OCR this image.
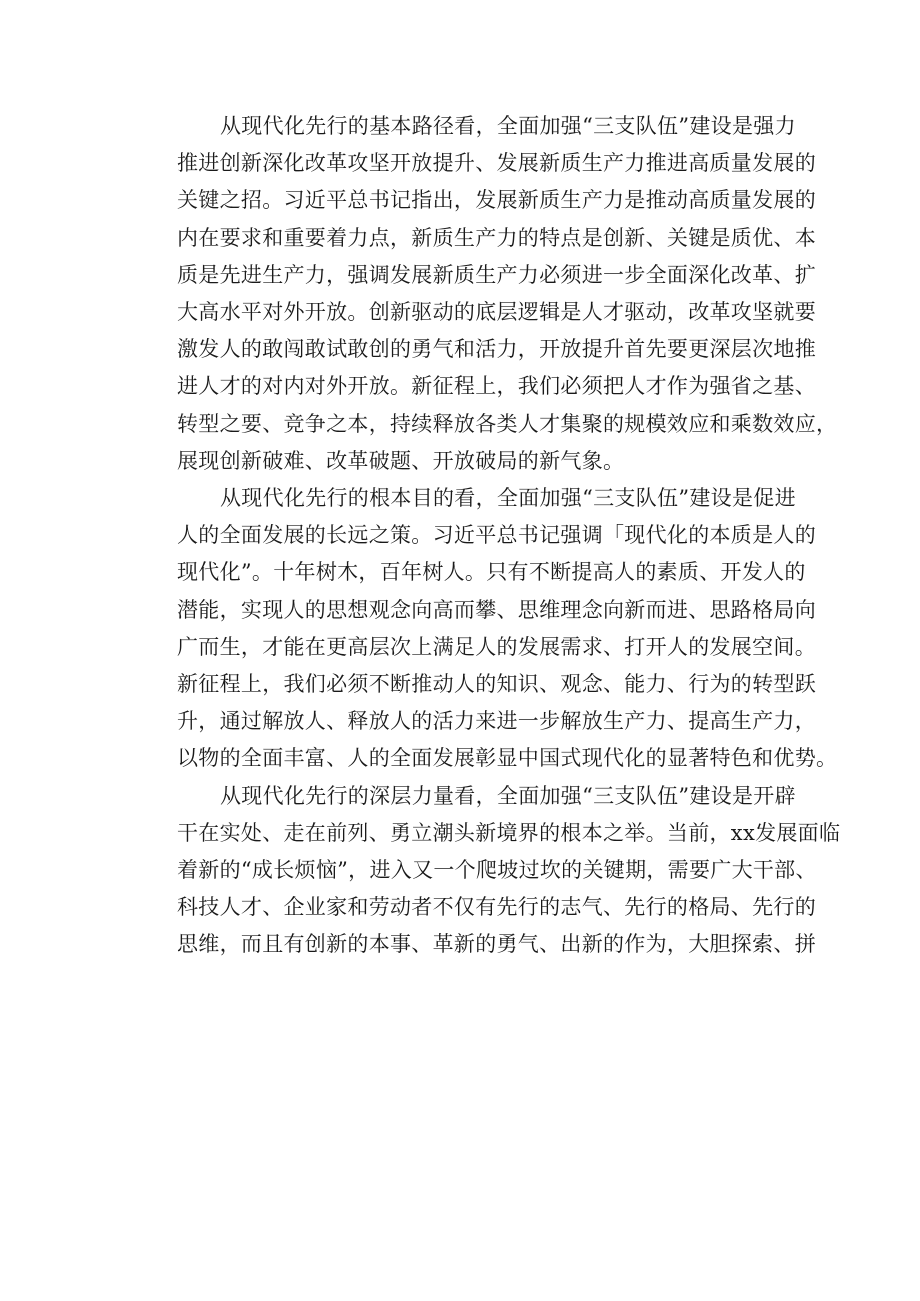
从现代化先行的基本路径看，全面加强“三支队伍”建设是强力
推进创新深化改革攻坚开放提升、发展新质生产力推进高质量发展的
关键之招。习近平总书记指出，发展新质生产力是推动高质量发展的
内在要求和重要着力点，新质生产力的特点是创新、关键是质优、本
质是先进生产力，强调发展新质生产力必须进一步全面深化改革、扩
大高水平对外开放。创新驱动的底层逻辑是人才驱动，改革攻坚就要
激发人的敢闯敢试敢创的勇气和活力，开放提升首先要更深层次地推
进人才的对内对外开放。新征程上，我们必须把人才作为强省之基、
转型之要、竞争之本，持续释放各类人才集聚的规模效应和乘数效应，
展现创新破难、改革破题、开放破局的新气象。
从现代化先行的根本目的看，全面加强“三支队伍”建设是促进
人的全面发展的长远之策。习近平总书记强调「现代化的本质是人的
现代化”。十年树木，百年树人。只有不断提高人的素质、开发人的
潜能，实现人的思想观念向高而攀、思维理念向新而进、思路格局向
广而生，才能在更高层次上满足人的发展需求、打开人的发展空间。
新征程上，我们必须不断推动人的知识、观念、能力、行为的转型跃
升，通过解放人、释放人的活力来进一步解放生产力、提高生产力，
以物的全面丰富、人的全面发展彰显中国式现代化的显著特色和优势。
从现代化先行的深层力量看，全面加强“三支队伍”建设是开辟
干在实处、走在前列、勇立潮头新境界的根本之举。当前，xx发展面临
着新的“成长烦恼”，进入又一个爬坡过坎的关键期，需要广大干部、
科技人才、企业家和劳动者不仅有先行的志气、先行的格局、先行的
思维，而且有创新的本事、革新的勇气、出新的作为，大胆探索、拼
